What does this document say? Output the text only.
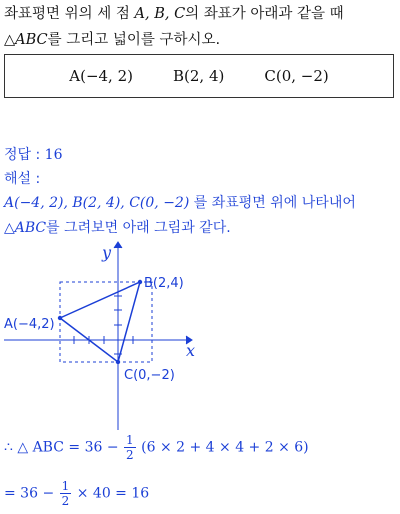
좌표평면 위의 세 점 A, B, C의 좌표가 아래과 같을 때
△ABC를 그리고 넓이를 구하시오.
A(−4, 2)	B(2, 4)	C(0, −2)
정답 : 16
해설 :
A(−4, 2), B(2, 4), C(0, −2) 를 좌표평면 위에 나타내어
△ABC를 그려보면 아래 그림과 같다.
y
x
A(−4,2)
B(2,4)
C(0,−2)
∴ △ ABC = $36 - \frac{1}{2} (6 \times 2 + 4 \times 4 + 2 \times 6)$
= $36 - \frac{1}{2} \times 40 = 16$
